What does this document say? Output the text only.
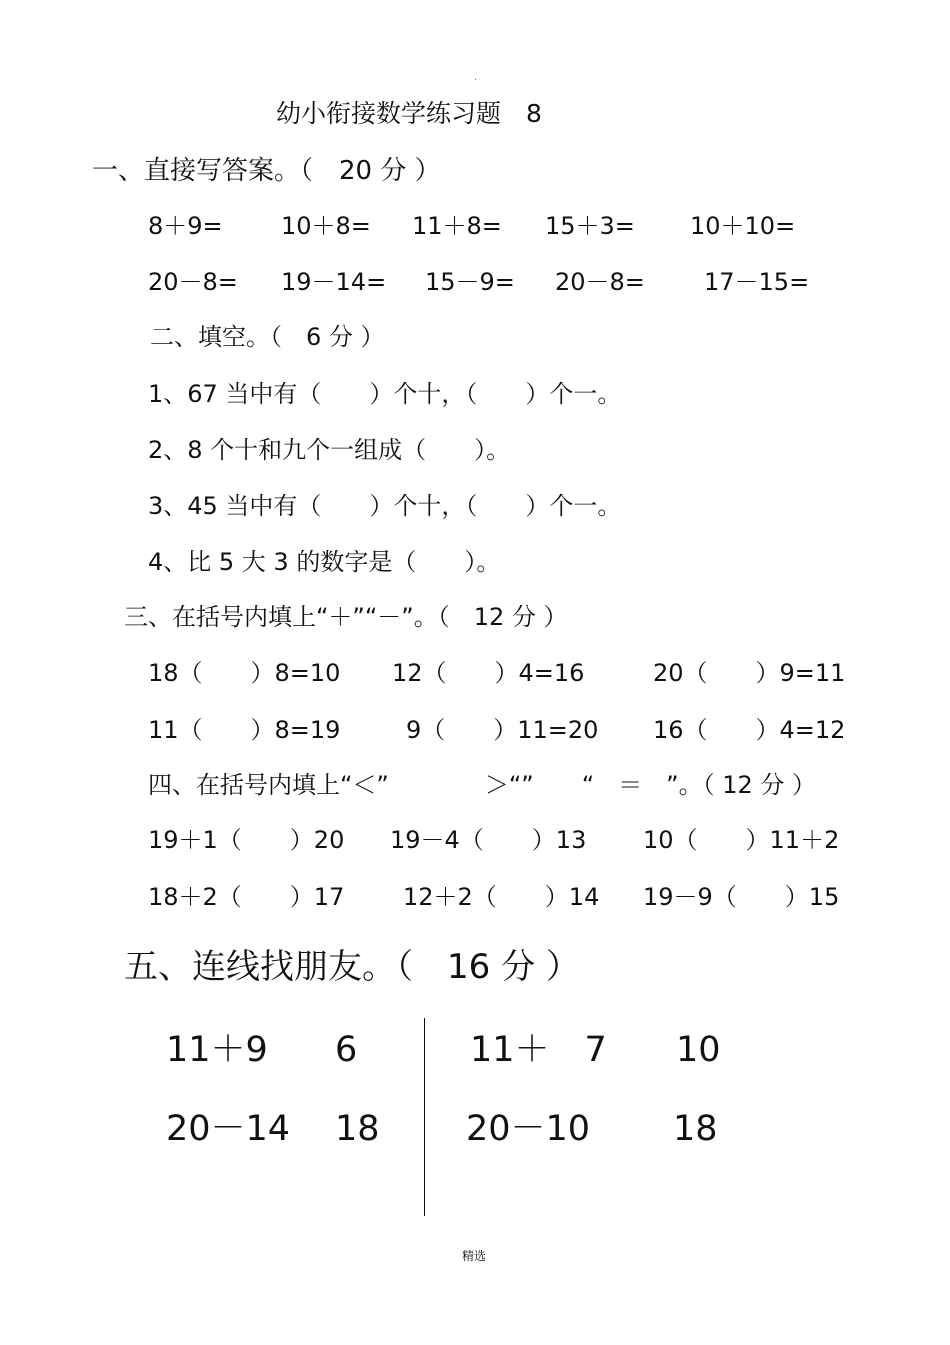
·
幼小衔接数学练习题　8
一、直接写答案。（　20 分 ）
8＋9= 10＋8= 11＋8= 15＋3= 10＋10=
20－8= 19－14= 15－9= 20－8= 17－15=
二、填空。（　6 分 ）
1、67 当中有（　　）个十，（　　）个一。
2、8 个十和九个一组成（　　）。
3、45 当中有（　　）个十，（　　）个一。
4、比 5 大 3 的数字是（　　）。
三、在括号内填上“＋”“－”。（　12 分 ）
18（　　）8=10 12（　　）4=16	20（　　）9=11
11（　　）8=19	9（　　）11=20 16（　　）4=12
四、在括号内填上“＜”　　　　＞“”　　“　＝　”。（ 12 分 ）
19＋1（　　）20 19－4（　　）13 10（　　）11＋2
18＋2（　　）17 12＋2（　　）14 19－9（　　）15
五、连线找朋友。（　16 分 ）
11＋9
20－14
6
18
11＋　7
20－10
10
18
精选
